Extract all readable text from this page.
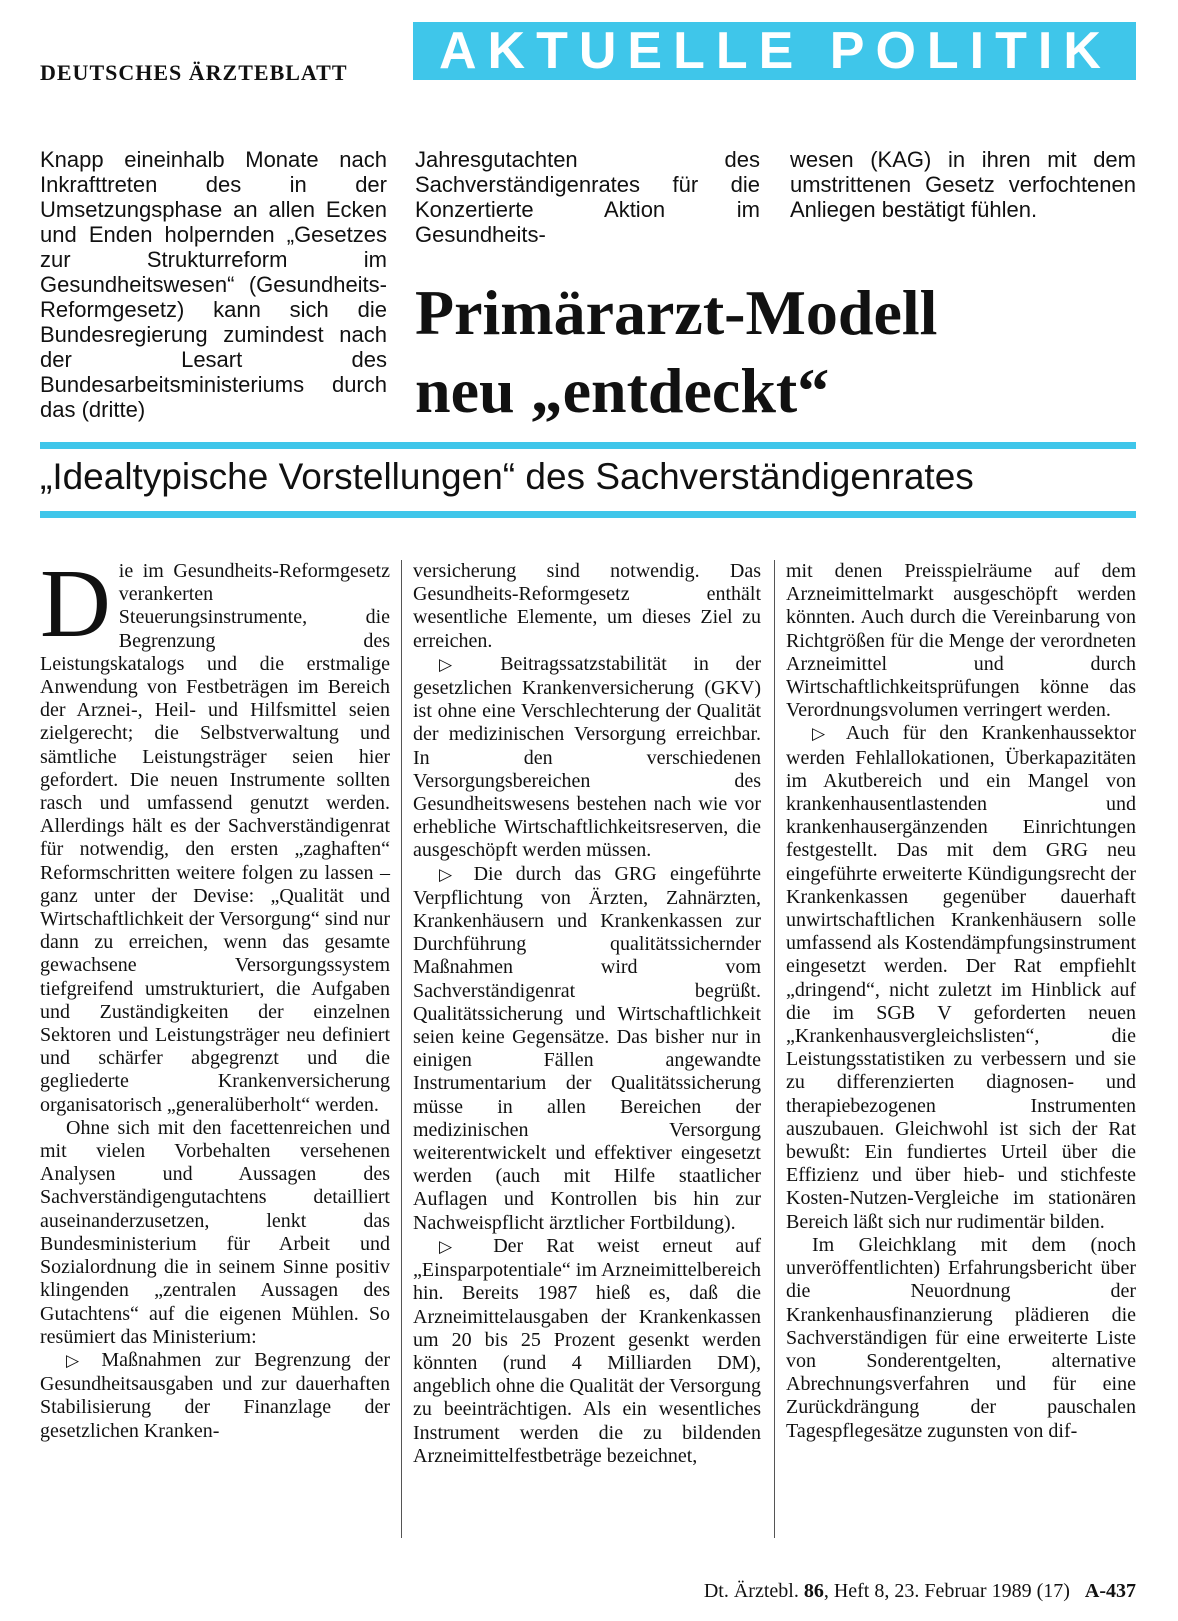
DEUTSCHES ÄRZTEBLATT AKTUELLE POLITIK
Knapp eineinhalb Monate nach Inkrafttreten des in der Umsetzungsphase an allen Ecken und Enden holpernden „Gesetzes zur Strukturreform im Gesundheitswesen“ (Gesundheits-Reformgesetz) kann sich die Bundesregierung zumindest nach der Lesart des Bundesarbeitsministeriums durch das (dritte)
Jahresgutachten des Sachverständigenrates für die Konzertierte Aktion im Gesundheits-
wesen (KAG) in ihren mit dem umstrittenen Gesetz verfochtenen Anliegen bestätigt fühlen.
Primärarzt-Modell
neu „entdeckt“
„Idealtypische Vorstellungen“ des Sachverständigenrates

Die im Gesundheits-Reformgesetz verankerten Steuerungsinstrumente, die Begrenzung des Leistungskatalogs und die erstmalige Anwendung von Festbeträgen im Bereich der Arznei-, Heil- und Hilfsmittel seien zielgerecht; die Selbstverwaltung und sämtliche Leistungsträger seien hier gefordert. Die neuen Instrumente sollten rasch und umfassend genutzt werden. Allerdings hält es der Sachverständigenrat für notwendig, den ersten „zaghaften“ Reformschritten weitere folgen zu lassen – ganz unter der Devise: „Qualität und Wirtschaftlichkeit der Versorgung“ sind nur dann zu erreichen, wenn das gesamte gewachsene Versorgungssystem tiefgreifend umstrukturiert, die Aufgaben und Zuständigkeiten der einzelnen Sektoren und Leistungsträger neu definiert und schärfer abgegrenzt und die gegliederte Krankenversicherung organisatorisch „generalüberholt“ werden.

Ohne sich mit den facettenreichen und mit vielen Vorbehalten versehenen Analysen und Aussagen des Sachverständigengutachtens detailliert auseinanderzusetzen, lenkt das Bundesministerium für Arbeit und Sozialordnung die in seinem Sinne positiv klingenden „zentralen Aussagen des Gutachtens“ auf die eigenen Mühlen. So resümiert das Ministerium:

▷ Maßnahmen zur Begrenzung der Gesundheitsausgaben und zur dauerhaften Stabilisierung der Finanzlage der gesetzlichen Kranken-

versicherung sind notwendig. Das Gesundheits-Reformgesetz enthält wesentliche Elemente, um dieses Ziel zu erreichen.

▷ Beitragssatzstabilität in der gesetzlichen Krankenversicherung (GKV) ist ohne eine Verschlechterung der Qualität der medizinischen Versorgung erreichbar. In den verschiedenen Versorgungsbereichen des Gesundheitswesens bestehen nach wie vor erhebliche Wirtschaftlichkeitsreserven, die ausgeschöpft werden müssen.

▷ Die durch das GRG eingeführte Verpflichtung von Ärzten, Zahnärzten, Krankenhäusern und Krankenkassen zur Durchführung qualitätssichernder Maßnahmen wird vom Sachverständigenrat begrüßt. Qualitätssicherung und Wirtschaftlichkeit seien keine Gegensätze. Das bisher nur in einigen Fällen angewandte Instrumentarium der Qualitätssicherung müsse in allen Bereichen der medizinischen Versorgung weiterentwickelt und effektiver eingesetzt werden (auch mit Hilfe staatlicher Auflagen und Kontrollen bis hin zur Nachweispflicht ärztlicher Fortbildung).

▷ Der Rat weist erneut auf „Einsparpotentiale“ im Arzneimittelbereich hin. Bereits 1987 hieß es, daß die Arzneimittelausgaben der Krankenkassen um 20 bis 25 Prozent gesenkt werden könnten (rund 4 Milliarden DM), angeblich ohne die Qualität der Versorgung zu beeinträchtigen. Als ein wesentliches Instrument werden die zu bildenden Arzneimittelfestbeträge bezeichnet,

mit denen Preisspielräume auf dem Arzneimittelmarkt ausgeschöpft werden könnten. Auch durch die Vereinbarung von Richtgrößen für die Menge der verordneten Arzneimittel und durch Wirtschaftlichkeitsprüfungen könne das Verordnungsvolumen verringert werden.

▷ Auch für den Krankenhaussektor werden Fehlallokationen, Überkapazitäten im Akutbereich und ein Mangel von krankenhausentlastenden und krankenhausergänzenden Einrichtungen festgestellt. Das mit dem GRG neu eingeführte erweiterte Kündigungsrecht der Krankenkassen gegenüber dauerhaft unwirtschaftlichen Krankenhäusern solle umfassend als Kostendämpfungsinstrument eingesetzt werden. Der Rat empfiehlt „dringend“, nicht zuletzt im Hinblick auf die im SGB V geforderten neuen „Krankenhausvergleichslisten“, die Leistungsstatistiken zu verbessern und sie zu differenzierten diagnosen- und therapiebezogenen Instrumenten auszubauen. Gleichwohl ist sich der Rat bewußt: Ein fundiertes Urteil über die Effizienz und über hieb- und stichfeste Kosten-Nutzen-Vergleiche im stationären Bereich läßt sich nur rudimentär bilden.

Im Gleichklang mit dem (noch unveröffentlichten) Erfahrungsbericht über die Neuordnung der Krankenhausfinanzierung plädieren die Sachverständigen für eine erweiterte Liste von Sonderentgelten, alternative Abrechnungsverfahren und für eine Zurückdrängung der pauschalen Tagespflegesätze zugunsten von dif-

Dt. Ärztebl. 86, Heft 8, 23. Februar 1989 (17) A-437
